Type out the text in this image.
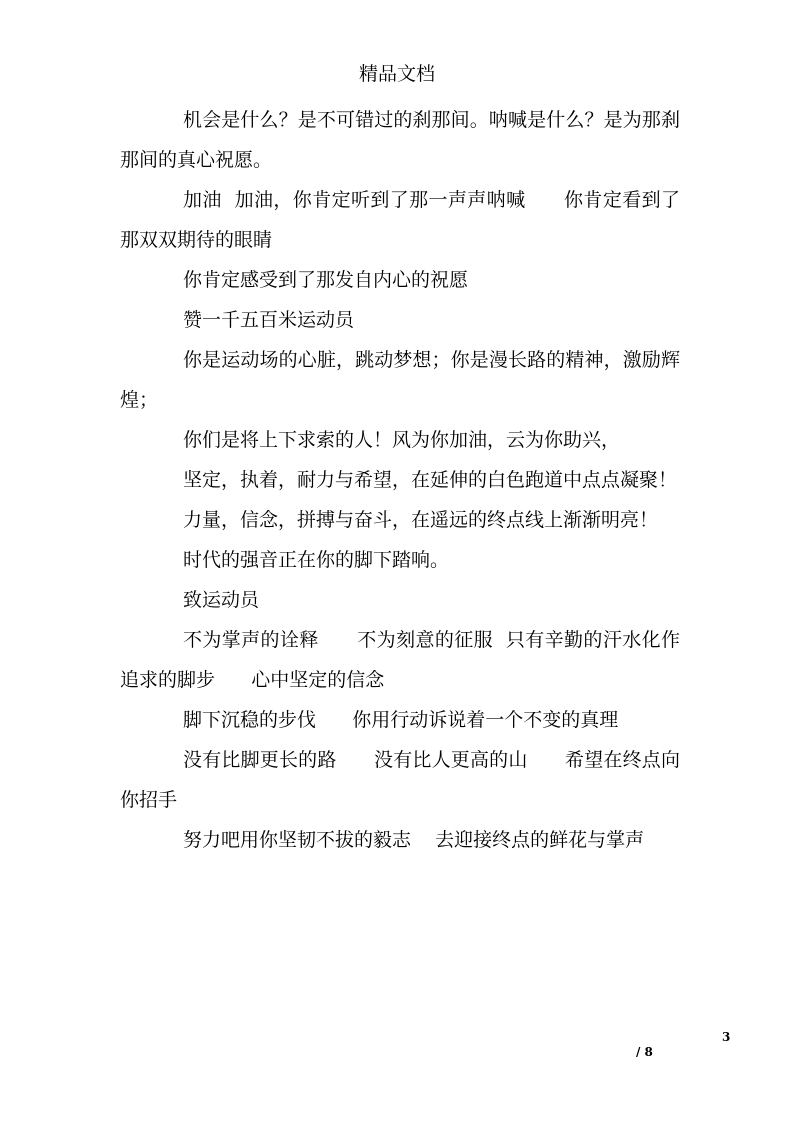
精品文档

机会是什么？是不可错过的刹那间。呐喊是什么？是为那刹那间的真心祝愿。

加油  加油，你肯定听到了那一声声呐喊      你肯定看到了那双双期待的眼睛

你肯定感受到了那发自内心的祝愿

赞一千五百米运动员

你是运动场的心脏，跳动梦想；你是漫长路的精神，激励辉煌；

你们是将上下求索的人！风为你加油，云为你助兴，

坚定，执着，耐力与希望，在延伸的白色跑道中点点凝聚！

力量，信念，拼搏与奋斗，在遥远的终点线上渐渐明亮！

时代的强音正在你的脚下踏响。

致运动员

不为掌声的诠释      不为刻意的征服  只有辛勤的汗水化作追求的脚步      心中坚定的信念

脚下沉稳的步伐      你用行动诉说着一个不变的真理

没有比脚更长的路      没有比人更高的山      希望在终点向你招手

努力吧用你坚韧不拔的毅志    去迎接终点的鲜花与掌声

3
/ 8
